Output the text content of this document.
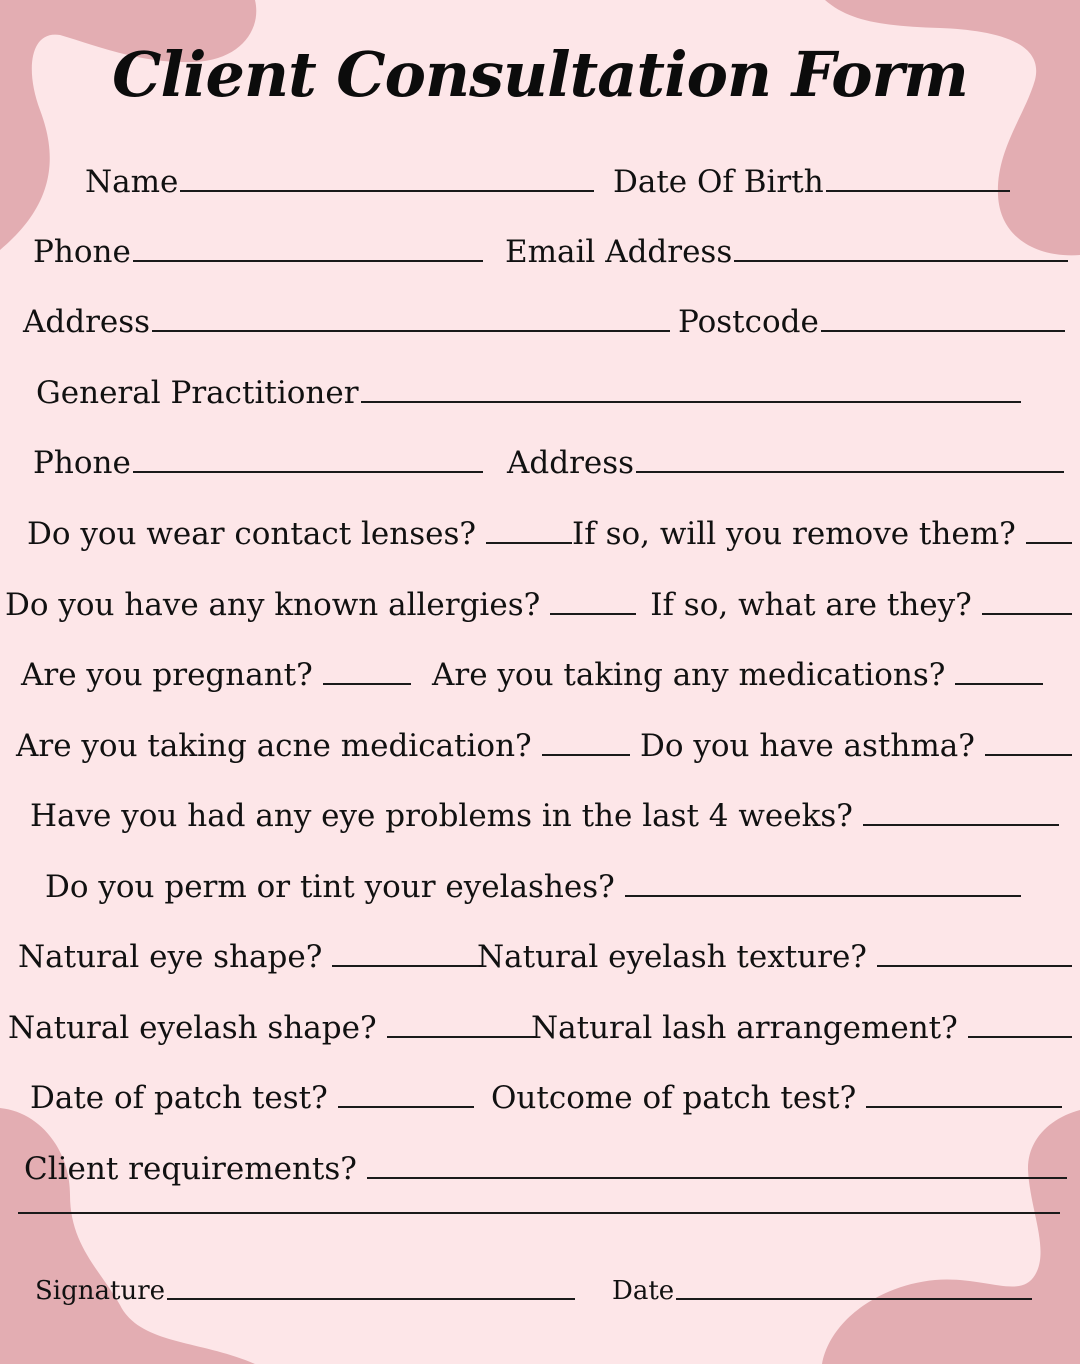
Client Consultation Form
Name	Date Of Birth
Phone	Email Address
Address	Postcode
General Practitioner
Phone	Address
Do you wear contact lenses?	If so, will you remove them?
Do you have any known allergies?	If so, what are they?
Are you pregnant?	Are you taking any medications?
Are you taking acne medication?	Do you have asthma?
Have you had any eye problems in the last 4 weeks?
Do you perm or tint your eyelashes?
Natural eye shape?	Natural eyelash texture?
Natural eyelash shape?	Natural lash arrangement?
Date of patch test?	Outcome of patch test?
Client requirements?
Signature	Date
